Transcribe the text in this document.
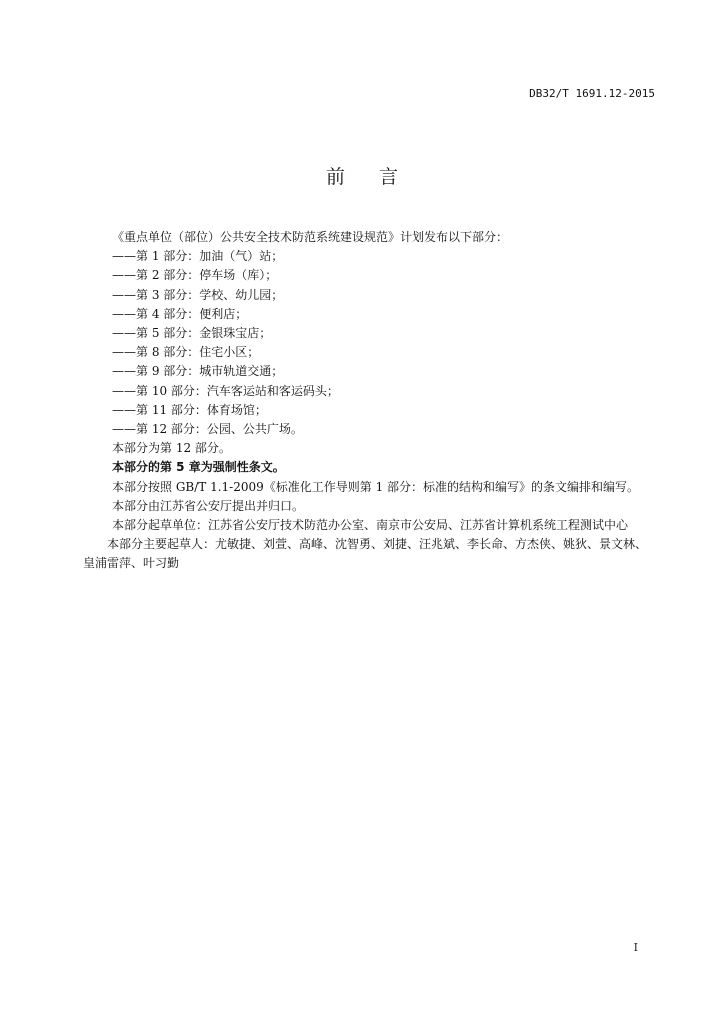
DB32/T 1691.12-2015
前 言

《重点单位（部位）公共安全技术防范系统建设规范》计划发布以下部分：

——第 1 部分：加油（气）站；
——第 2 部分：停车场（库）；
——第 3 部分：学校、幼儿园；
——第 4 部分：便利店；
——第 5 部分：金银珠宝店；
——第 8 部分：住宅小区；
——第 9 部分：城市轨道交通；
——第 10 部分：汽车客运站和客运码头；
——第 11 部分：体育场馆；
——第 12 部分：公园、公共广场。

本部分为第 12 部分。

本部分的第 5 章为强制性条文。

本部分按照 GB/T 1.1-2009《标准化工作导则第 1 部分：标准的结构和编写》的条文编排和编写。

本部分由江苏省公安厅提出并归口。

本部分起草单位：江苏省公安厅技术防范办公室、南京市公安局、江苏省计算机系统工程测试中心

本部分主要起草人：尤敏捷、刘萱、高峰、沈智勇、刘捷、汪兆斌、李长命、方杰侠、姚狄、景文林、皇浦雷萍、叶习勤

I
